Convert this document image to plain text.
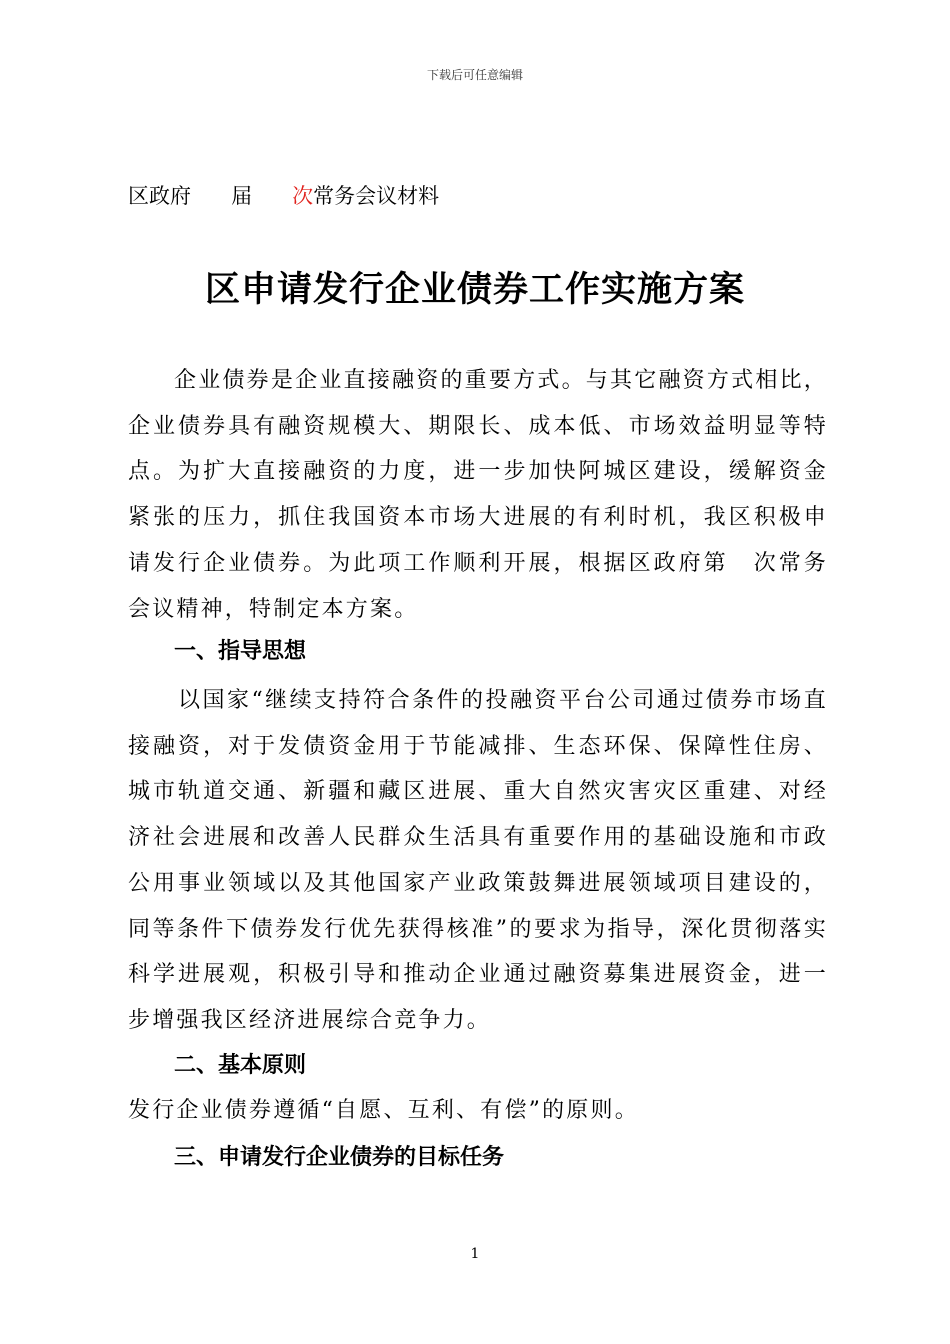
下载后可任意编辑
区政府 届 次常务会议材料
区申请发行企业债券工作实施方案
企业债券是企业直接融资的重要方式。与其它融资方式相比，企业债券具有融资规模大、期限长、成本低、市场效益明显等特点。为扩大直接融资的力度，进一步加快阿城区建设，缓解资金紧张的压力，抓住我国资本市场大进展的有利时机，我区积极申请发行企业债券。为此项工作顺利开展，根据区政府第　次常务会议精神，特制定本方案。
一、指导思想
以国家“继续支持符合条件的投融资平台公司通过债券市场直接融资，对于发债资金用于节能减排、生态环保、保障性住房、城市轨道交通、新疆和藏区进展、重大自然灾害灾区重建、对经济社会进展和改善人民群众生活具有重要作用的基础设施和市政公用事业领域以及其他国家产业政策鼓舞进展领域项目建设的，同等条件下债券发行优先获得核准”的要求为指导，深化贯彻落实科学进展观，积极引导和推动企业通过融资募集进展资金，进一步增强我区经济进展综合竞争力。
二、基本原则
发行企业债券遵循“自愿、互利、有偿”的原则。
三、申请发行企业债券的目标任务
1
